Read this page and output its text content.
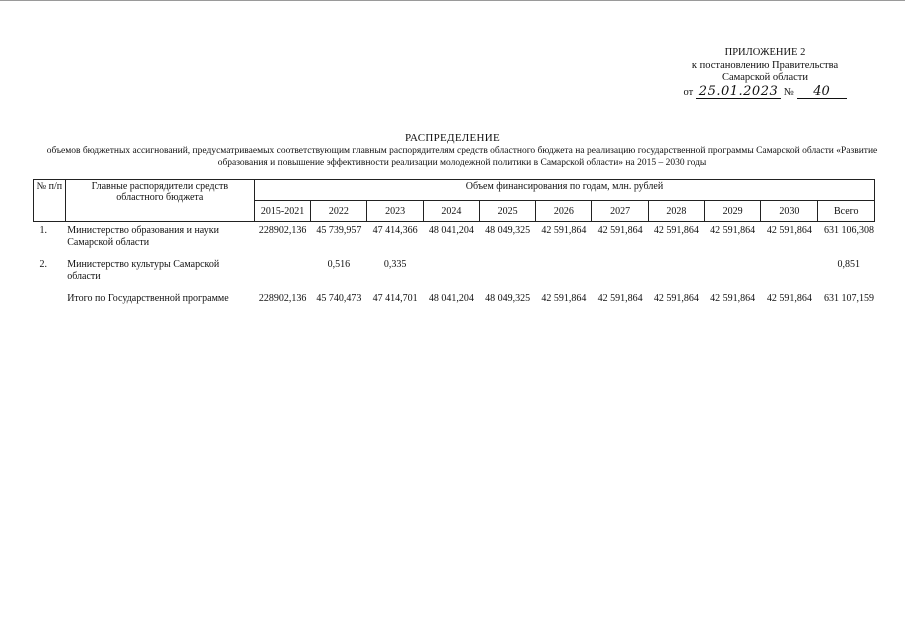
ПРИЛОЖЕНИЕ 2
к постановлению Правительства
Самарской области
от 25.01.2023 № 40
РАСПРЕДЕЛЕНИЕ
объемов бюджетных ассигнований, предусматриваемых соответствующим главным распорядителям средств областного бюджета на реализацию государственной программы Самарской области «Развитие образования и повышение эффективности реализации молодежной политики в Самарской области» на 2015 – 2030 годы
№ п/п	Главные распорядители средств областного бюджета	Объем финансирования по годам, млн. рублей										
		2015-2021	2022	2023	2024	2025	2026	2027	2028	2029	2030	Всего
1.	Министерство образования и науки Самарской области	228902,136	45 739,957	47 414,366	48 041,204	48 049,325	42 591,864	42 591,864	42 591,864	42 591,864	42 591,864	631 106,308
2.	Министерство культуры Самарской области		0,516	0,335								0,851
	Итого по Государственной программе	228902,136	45 740,473	47 414,701	48 041,204	48 049,325	42 591,864	42 591,864	42 591,864	42 591,864	42 591,864	631 107,159
